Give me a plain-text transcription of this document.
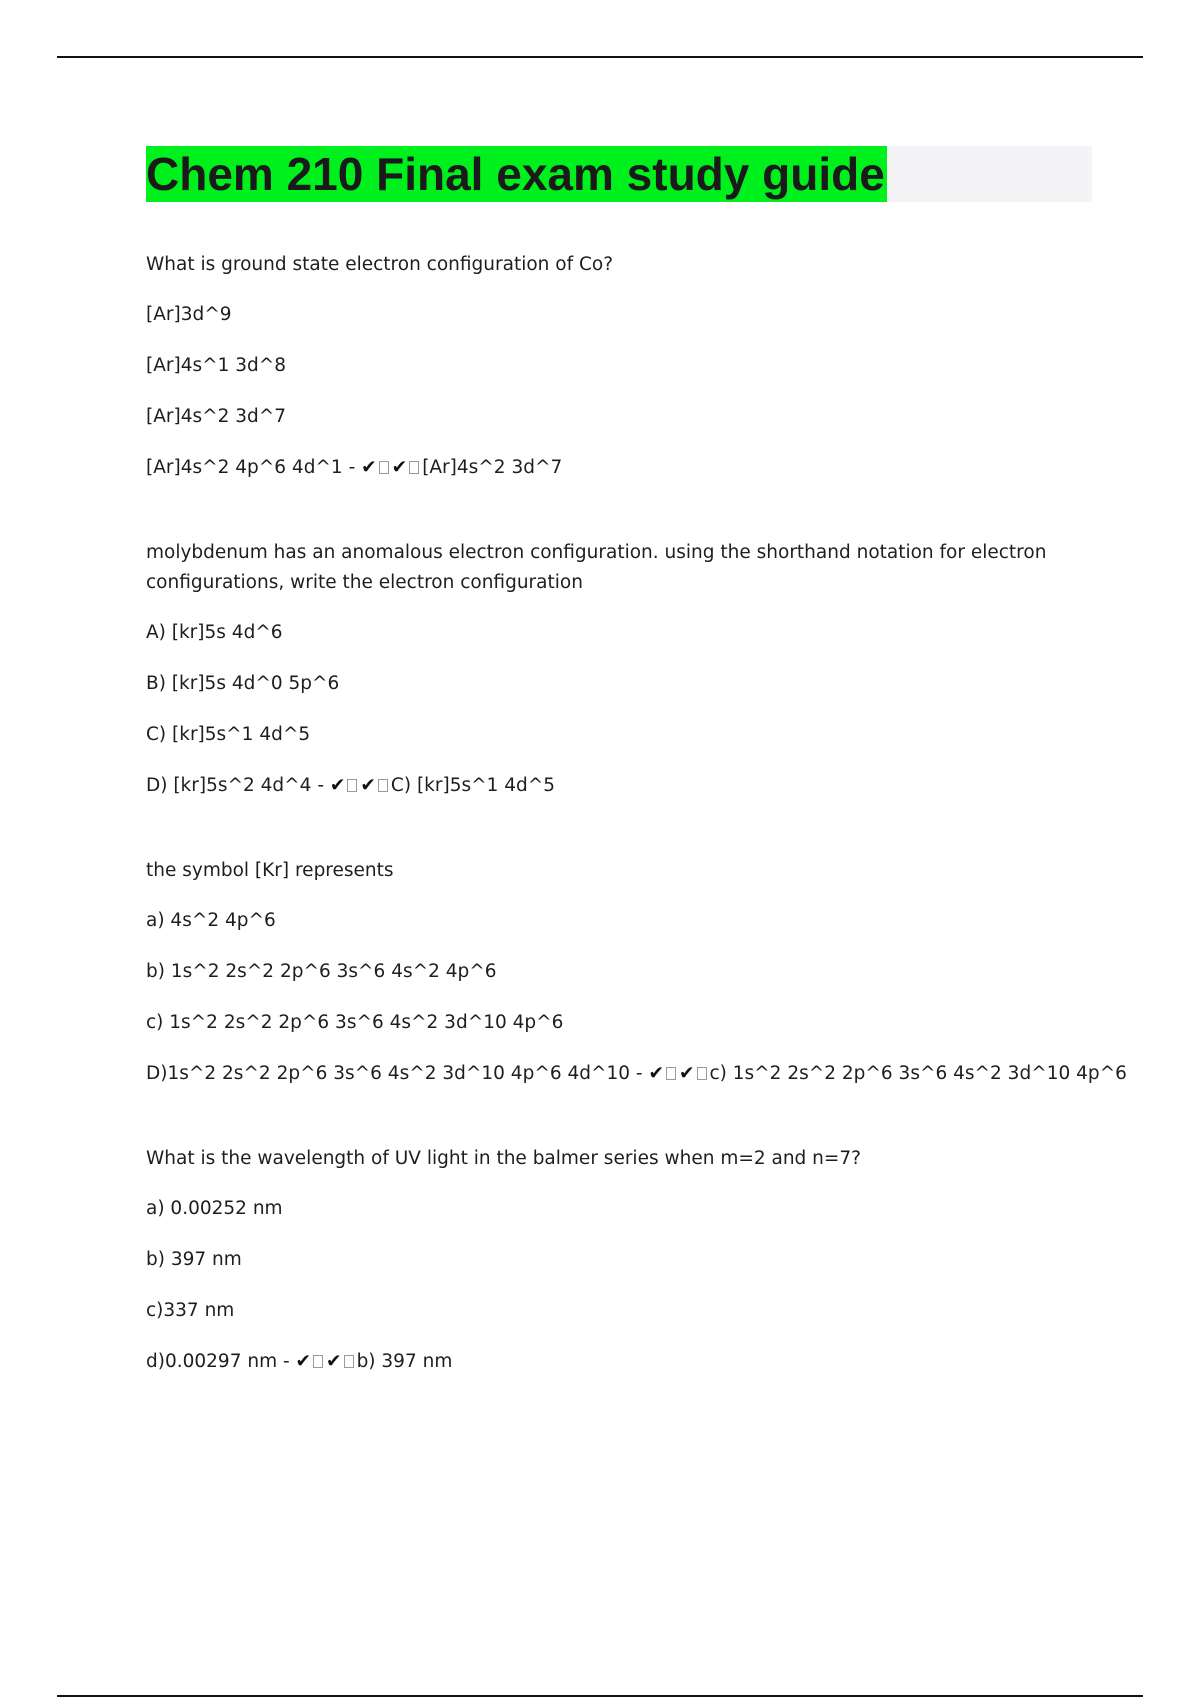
Chem 210 Final exam study guide

What is ground state electron configuration of Co?

[Ar]3d^9

[Ar]4s^1 3d^8

[Ar]4s^2 3d^7

[Ar]4s^2 4p^6 4d^1 - ✔ ✔ [Ar]4s^2 3d^7

molybdenum has an anomalous electron configuration. using the shorthand notation for electron configurations, write the electron configuration

A) [kr]5s 4d^6

B) [kr]5s 4d^0 5p^6

C) [kr]5s^1 4d^5

D) [kr]5s^2 4d^4 - ✔ ✔ C) [kr]5s^1 4d^5

the symbol [Kr] represents

a) 4s^2 4p^6

b) 1s^2 2s^2 2p^6 3s^6 4s^2 4p^6

c) 1s^2 2s^2 2p^6 3s^6 4s^2 3d^10 4p^6

D)1s^2 2s^2 2p^6 3s^6 4s^2 3d^10 4p^6 4d^10 - ✔ ✔ c) 1s^2 2s^2 2p^6 3s^6 4s^2 3d^10 4p^6

What is the wavelength of UV light in the balmer series when m=2 and n=7?

a) 0.00252 nm

b) 397 nm

c)337 nm

d)0.00297 nm - ✔ ✔ b) 397 nm
